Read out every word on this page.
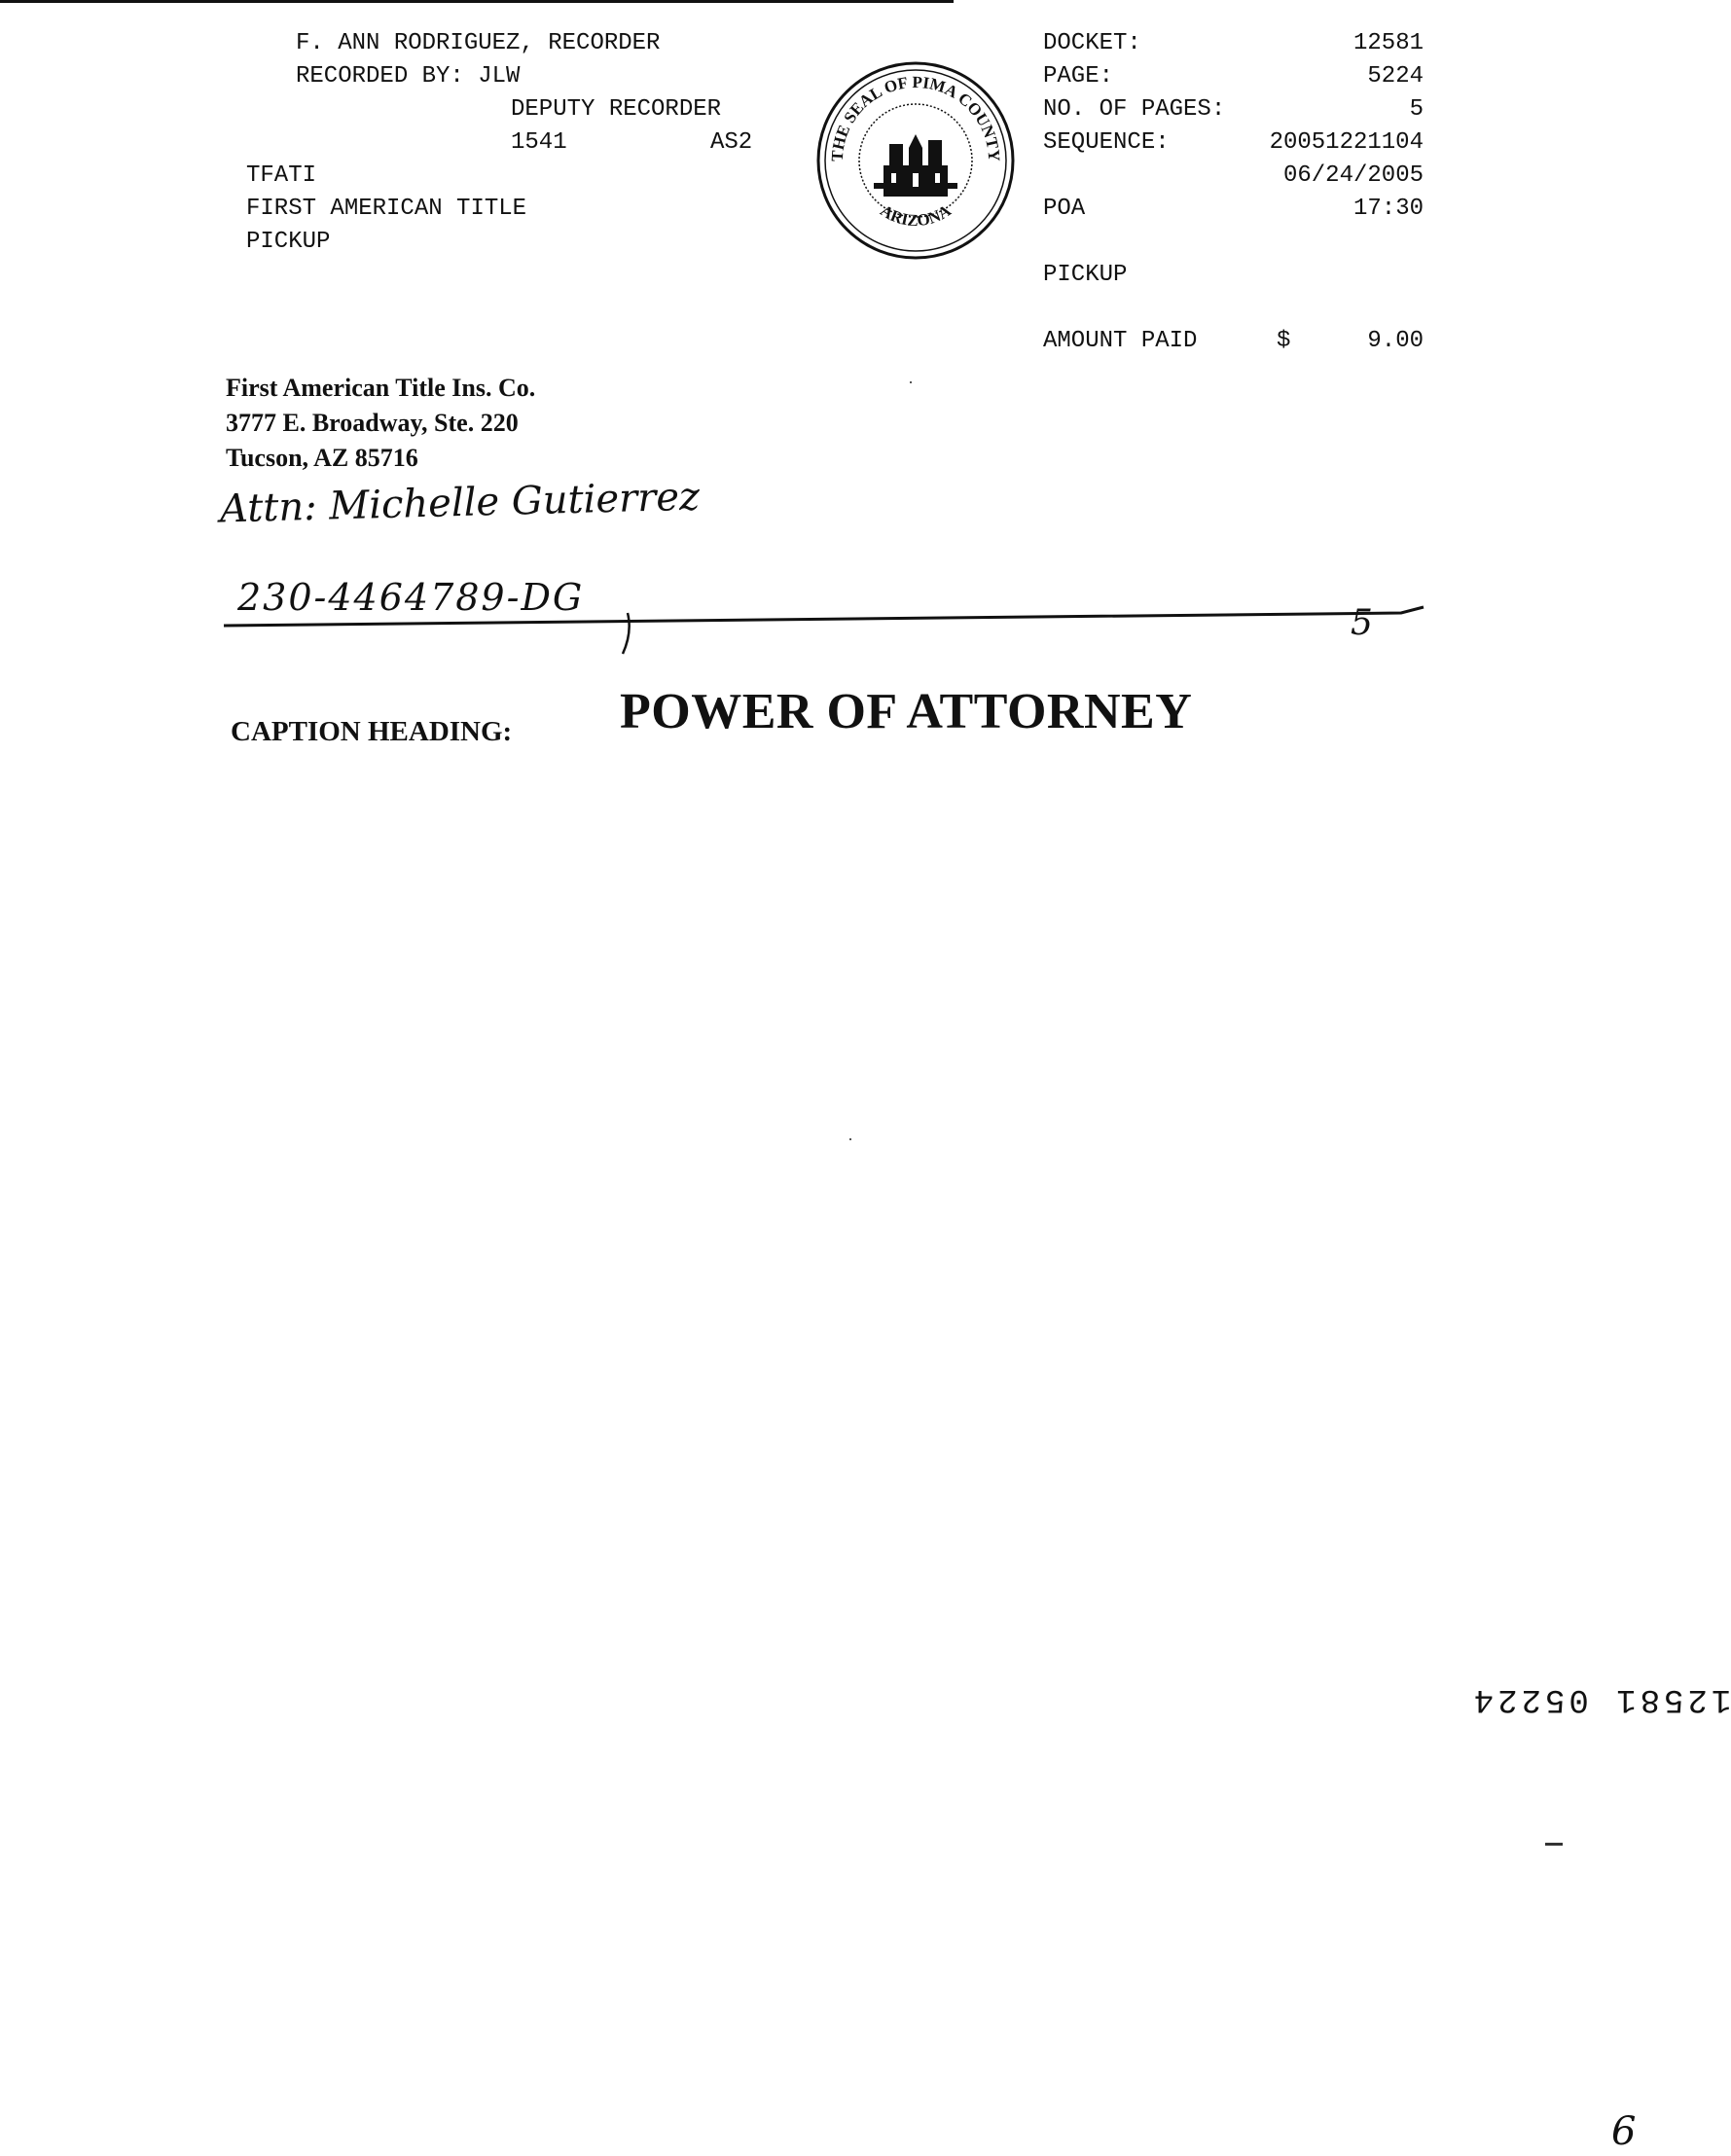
F. ANN RODRIGUEZ, RECORDER
RECORDED BY: JLW
DEPUTY RECORDER
1541	AS2
TFATI
FIRST AMERICAN TITLE
PICKUP
THE SEAL OF PIMA COUNTY
ARIZONA
DOCKET:	12581
PAGE:	5224
NO. OF PAGES:	5
SEQUENCE:	20051221104
06/24/2005
POA	17:30
PICKUP
AMOUNT PAID	$	9.00
First American Title Ins. Co.
3777 E. Broadway, Ste. 220
Tucson, AZ 85716
Attn: Michelle Gutierrez
230-4464789-DG
5
CAPTION HEADING: POWER OF ATTORNEY
12581 05224
6
